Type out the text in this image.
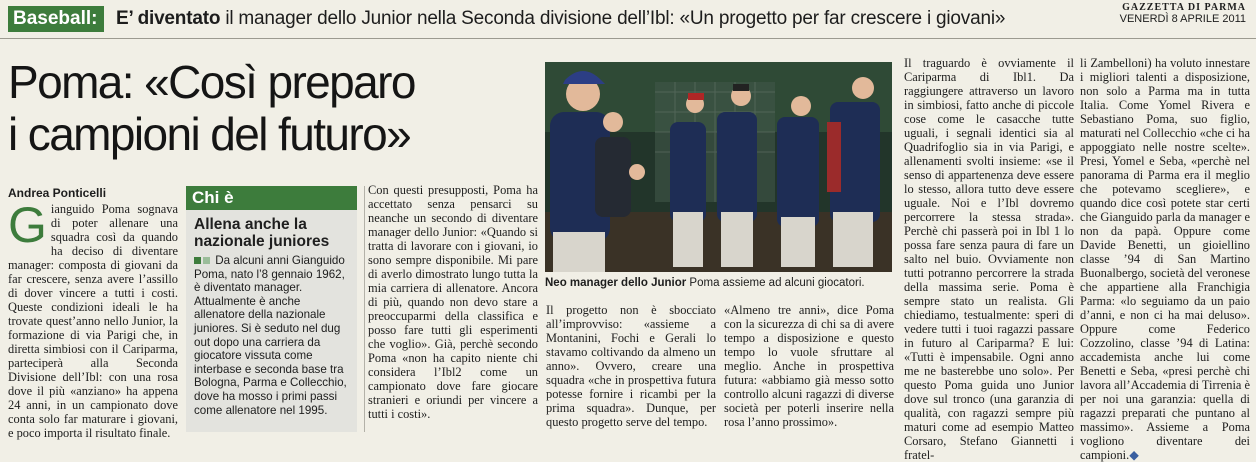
Baseball: E’ diventato il manager dello Junior nella Seconda divisione dell’Ibl: «Un progetto per far crescere i giovani»
GAZZETTA DI PARMA
VENERDÌ 8 APRILE 2011
Poma: «Così preparo
i campioni del futuro»
Andrea Ponticelli
Gianguido Poma sognava di poter allenare una squadra così da quando ha deciso di diventare manager: composta di giovani da far crescere, senza avere l’assillo di dover vincere a tutti i costi. Queste condizioni ideali le ha trovate quest’anno nello Junior, la formazione di via Parigi che, in diretta simbiosi con il Cariparma, parteciperà alla Seconda Divisione dell’Ibl: con una rosa dove il più «anziano» ha appena 24 anni, in un campionato dove conta solo far maturare i giovani, e poco importa il risultato finale.
Chi è
Allena anche la nazionale juniores
Da alcuni anni Gianguido Poma, nato l’8 gennaio 1962, è diventato manager. Attualmente è anche allenatore della nazionale juniores. Si è seduto nel dug out dopo una carriera da giocatore vissuta come interbase e seconda base tra Bologna, Parma e Collecchio, dove ha mosso i primi passi come allenatore nel 1995.
Con questi presupposti, Poma ha accettato senza pensarci su neanche un secondo di diventare manager dello Junior: «Quando si tratta di lavorare con i giovani, io sono sempre disponibile. Mi pare di averlo dimostrato lungo tutta la mia carriera di allenatore. Ancora di più, quando non devo stare a preoccuparmi della classifica e posso fare tutti gli esperimenti che voglio». Già, perchè secondo Poma «non ha capito niente chi considera l’Ibl2 come un campionato dove fare giocare stranieri e oriundi per vincere a tutti i costi».
Neo manager dello Junior Poma assieme ad alcuni giocatori.
Il progetto non è sbocciato all’improvviso: «assieme a Montanini, Fochi e Gerali lo stavamo coltivando da almeno un anno». Ovvero, creare una squadra «che in prospettiva futura potesse fornire i ricambi per la prima squadra». Dunque, per questo progetto serve del tempo.
«Almeno tre anni», dice Poma con la sicurezza di chi sa di avere tempo a disposizione e questo tempo lo vuole sfruttare al meglio. Anche in prospettiva futura: «abbiamo già messo sotto controllo alcuni ragazzi di diverse società per poterli inserire nella rosa l’anno prossimo».
Il traguardo è ovviamente il Cariparma di Ibl1. Da raggiungere attraverso un lavoro in simbiosi, fatto anche di piccole cose come le casacche tutte uguali, i segnali identici sia al Quadrifoglio sia in via Parigi, e allenamenti svolti insieme: «se il senso di appartenenza deve essere lo stesso, allora tutto deve essere uguale. Noi e l’Ibl dovremo percorrere la stessa strada». Perchè chi passerà poi in Ibl 1 lo possa fare senza paura di fare un salto nel buio. Ovviamente non tutti potranno percorrere la strada della massima serie. Poma è sempre stato un realista. Gli chiediamo, testualmente: speri di vedere tutti i tuoi ragazzi passare in futuro al Cariparma? E lui: «Tutti è impensabile. Ogni anno me ne basterebbe uno solo». Per questo Poma guida uno Junior dove sul tronco (una garanzia di qualità, con ragazzi sempre più maturi come ad esempio Matteo Corsaro, Stefano Giannetti i fratel-
li Zambelloni) ha voluto innestare i migliori talenti a disposizione, non solo a Parma ma in tutta Italia. Come Yomel Rivera e Sebastiano Poma, suo figlio, maturati nel Collecchio «che ci ha appoggiato nelle nostre scelte». Presi, Yomel e Seba, «perchè nel panorama di Parma era il meglio che potevamo scegliere», e quando dice così potete star certi che Gianguido parla da manager e non da papà. Oppure come Davide Benetti, un gioiellino classe ’94 di San Martino Buonalbergo, società del veronese che appartiene alla Franchigia Parma: «lo seguiamo da un paio d’anni, e non ci ha mai deluso». Oppure come Federico Cozzolino, classe ’94 di Latina: accademista anche lui come Benetti e Seba, «presi perchè chi lavora all’Accademia di Tirrenia è per noi una garanzia: quella di ragazzi preparati che puntano al massimo». Assieme a Poma vogliono diventare dei campioni.◆
